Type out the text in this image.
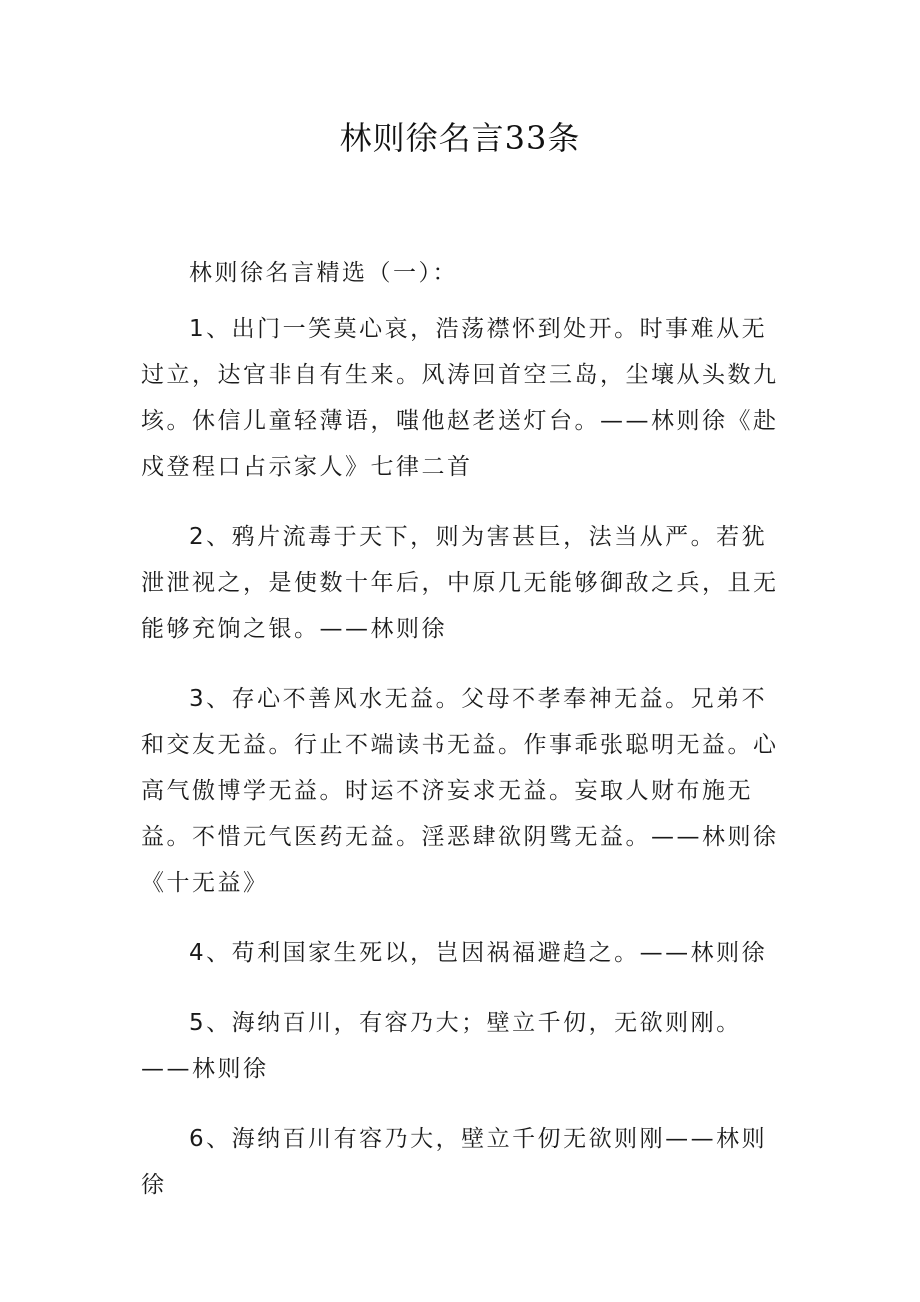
林则徐名言33条

林则徐名言精选（一）：

1、出门一笑莫心哀，浩荡襟怀到处开。时事难从无过立，达官非自有生来。风涛回首空三岛，尘壤从头数九垓。休信儿童轻薄语，嗤他赵老送灯台。——林则徐《赴戍登程口占示家人》七律二首

2、鸦片流毒于天下，则为害甚巨，法当从严。若犹泄泄视之，是使数十年后，中原几无能够御敌之兵，且无能够充饷之银。——林则徐

3、存心不善风水无益。父母不孝奉神无益。兄弟不和交友无益。行止不端读书无益。作事乖张聪明无益。心高气傲博学无益。时运不济妄求无益。妄取人财布施无益。不惜元气医药无益。淫恶肆欲阴骘无益。——林则徐《十无益》

4、苟利国家生死以，岂因祸福避趋之。——林则徐

5、海纳百川，有容乃大；壁立千仞，无欲则刚。——林则徐

6、海纳百川有容乃大，壁立千仞无欲则刚——林则徐
